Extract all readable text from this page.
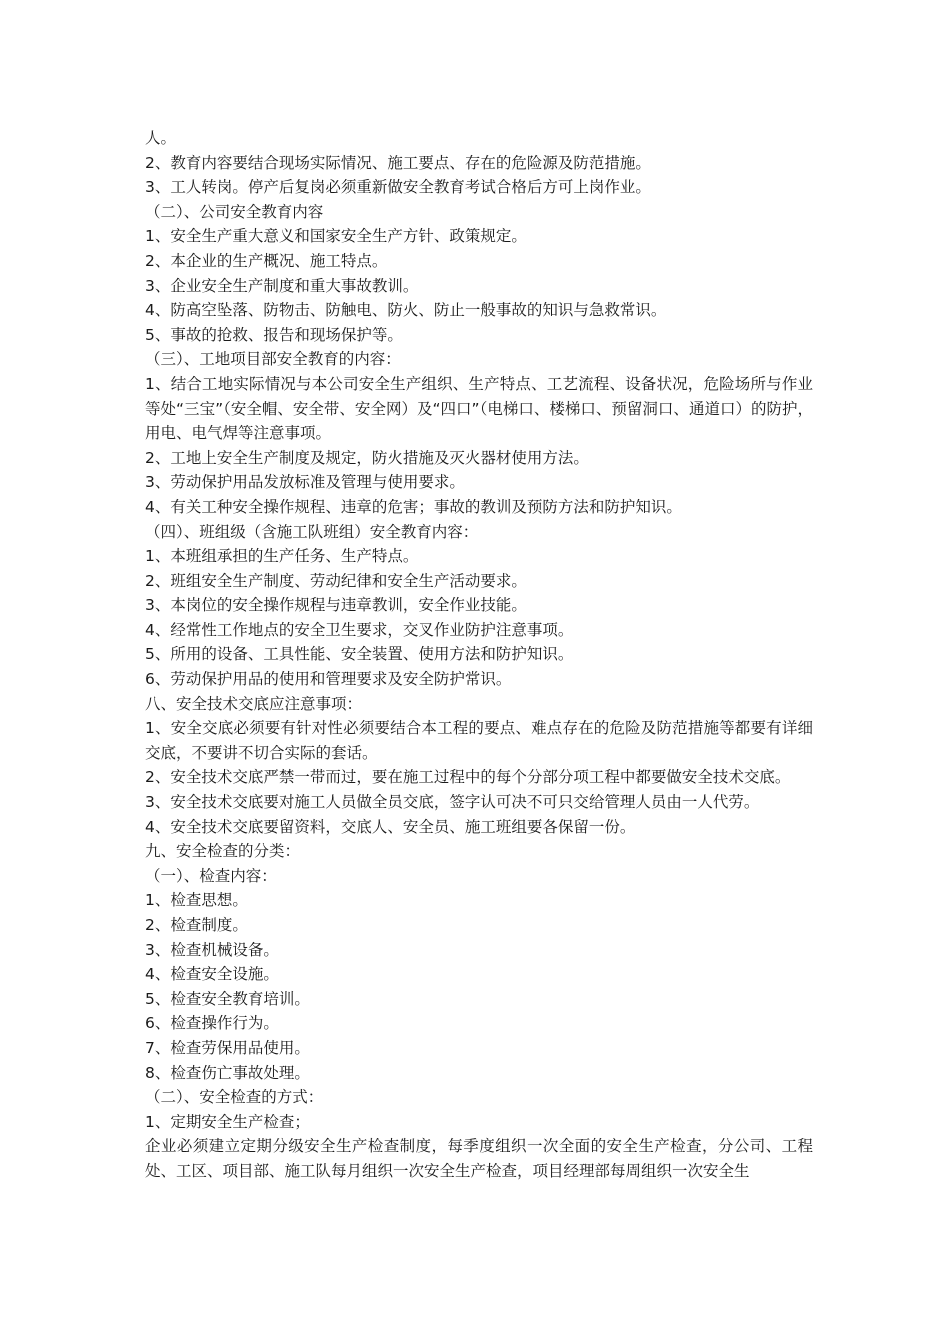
人。
2、教育内容要结合现场实际情况、施工要点、存在的危险源及防范措施。
3、工人转岗。停产后复岗必须重新做安全教育考试合格后方可上岗作业。
（二）、公司安全教育内容
1、安全生产重大意义和国家安全生产方针、政策规定。
2、本企业的生产概况、施工特点。
3、企业安全生产制度和重大事故教训。
4、防高空坠落、防物击、防触电、防火、防止一般事故的知识与急救常识。
5、事故的抢救、报告和现场保护等。
（三）、工地项目部安全教育的内容：
1、结合工地实际情况与本公司安全生产组织、生产特点、工艺流程、设备状况，危险场所与作业等处“三宝”（安全帽、安全带、安全网）及“四口”（电梯口、楼梯口、预留洞口、通道口）的防护，用电、电气焊等注意事项。
2、工地上安全生产制度及规定，防火措施及灭火器材使用方法。
3、劳动保护用品发放标准及管理与使用要求。
4、有关工种安全操作规程、违章的危害；事故的教训及预防方法和防护知识。
（四）、班组级（含施工队班组）安全教育内容：
1、本班组承担的生产任务、生产特点。
2、班组安全生产制度、劳动纪律和安全生产活动要求。
3、本岗位的安全操作规程与违章教训，安全作业技能。
4、经常性工作地点的安全卫生要求，交叉作业防护注意事项。
5、所用的设备、工具性能、安全装置、使用方法和防护知识。
6、劳动保护用品的使用和管理要求及安全防护常识。
八、安全技术交底应注意事项：
1、安全交底必须要有针对性必须要结合本工程的要点、难点存在的危险及防范措施等都要有详细交底，不要讲不切合实际的套话。
2、安全技术交底严禁一带而过，要在施工过程中的每个分部分项工程中都要做安全技术交底。
3、安全技术交底要对施工人员做全员交底，签字认可决不可只交给管理人员由一人代劳。
4、安全技术交底要留资料，交底人、安全员、施工班组要各保留一份。
九、安全检查的分类：
（一）、检查内容：
1、检查思想。
2、检查制度。
3、检查机械设备。
4、检查安全设施。
5、检查安全教育培训。
6、检查操作行为。
7、检查劳保用品使用。
8、检查伤亡事故处理。
（二）、安全检查的方式：
1、定期安全生产检查；
企业必须建立定期分级安全生产检查制度，每季度组织一次全面的安全生产检查，分公司、工程处、工区、项目部、施工队每月组织一次安全生产检查，项目经理部每周组织一次安全生
